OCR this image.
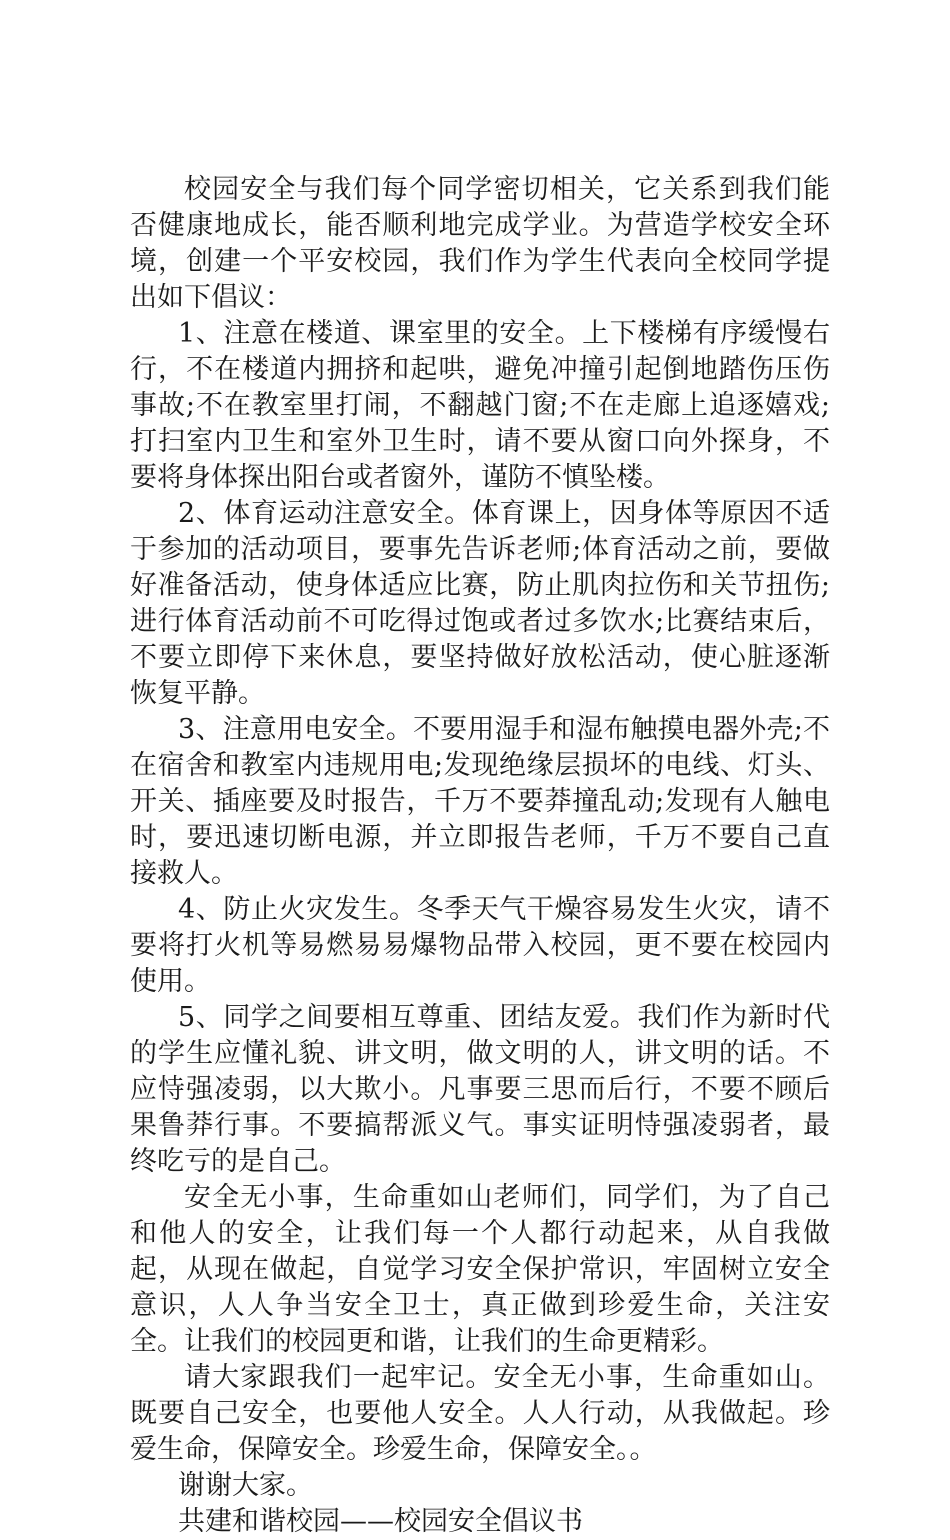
校园安全与我们每个同学密切相关，它关系到我们能否健康地成长，能否顺利地完成学业。为营造学校安全环境，创建一个平安校园，我们作为学生代表向全校同学提出如下倡议：

1、注意在楼道、课室里的安全。上下楼梯有序缓慢右行，不在楼道内拥挤和起哄，避免冲撞引起倒地踏伤压伤事故;不在教室里打闹，不翻越门窗;不在走廊上追逐嬉戏;打扫室内卫生和室外卫生时，请不要从窗口向外探身，不要将身体探出阳台或者窗外，谨防不慎坠楼。

2、体育运动注意安全。体育课上，因身体等原因不适于参加的活动项目，要事先告诉老师;体育活动之前，要做好准备活动，使身体适应比赛，防止肌肉拉伤和关节扭伤;进行体育活动前不可吃得过饱或者过多饮水;比赛结束后，不要立即停下来休息，要坚持做好放松活动，使心脏逐渐恢复平静。

3、注意用电安全。不要用湿手和湿布触摸电器外壳;不在宿舍和教室内违规用电;发现绝缘层损坏的电线、灯头、开关、插座要及时报告，千万不要莽撞乱动;发现有人触电时，要迅速切断电源，并立即报告老师，千万不要自己直接救人。

4、防止火灾发生。冬季天气干燥容易发生火灾，请不要将打火机等易燃易易爆物品带入校园，更不要在校园内使用。

5、同学之间要相互尊重、团结友爱。我们作为新时代的学生应懂礼貌、讲文明，做文明的人，讲文明的话。不应恃强凌弱，以大欺小。凡事要三思而后行，不要不顾后果鲁莽行事。不要搞帮派义气。事实证明恃强凌弱者，最终吃亏的是自己。

安全无小事，生命重如山老师们，同学们，为了自己和他人的安全，让我们每一个人都行动起来，从自我做起，从现在做起，自觉学习安全保护常识，牢固树立安全意识，人人争当安全卫士，真正做到珍爱生命，关注安全。让我们的校园更和谐，让我们的生命更精彩。

请大家跟我们一起牢记。安全无小事，生命重如山。既要自己安全，也要他人安全。人人行动，从我做起。珍爱生命，保障安全。珍爱生命，保障安全。。

谢谢大家。

共建和谐校园——校园安全倡议书
